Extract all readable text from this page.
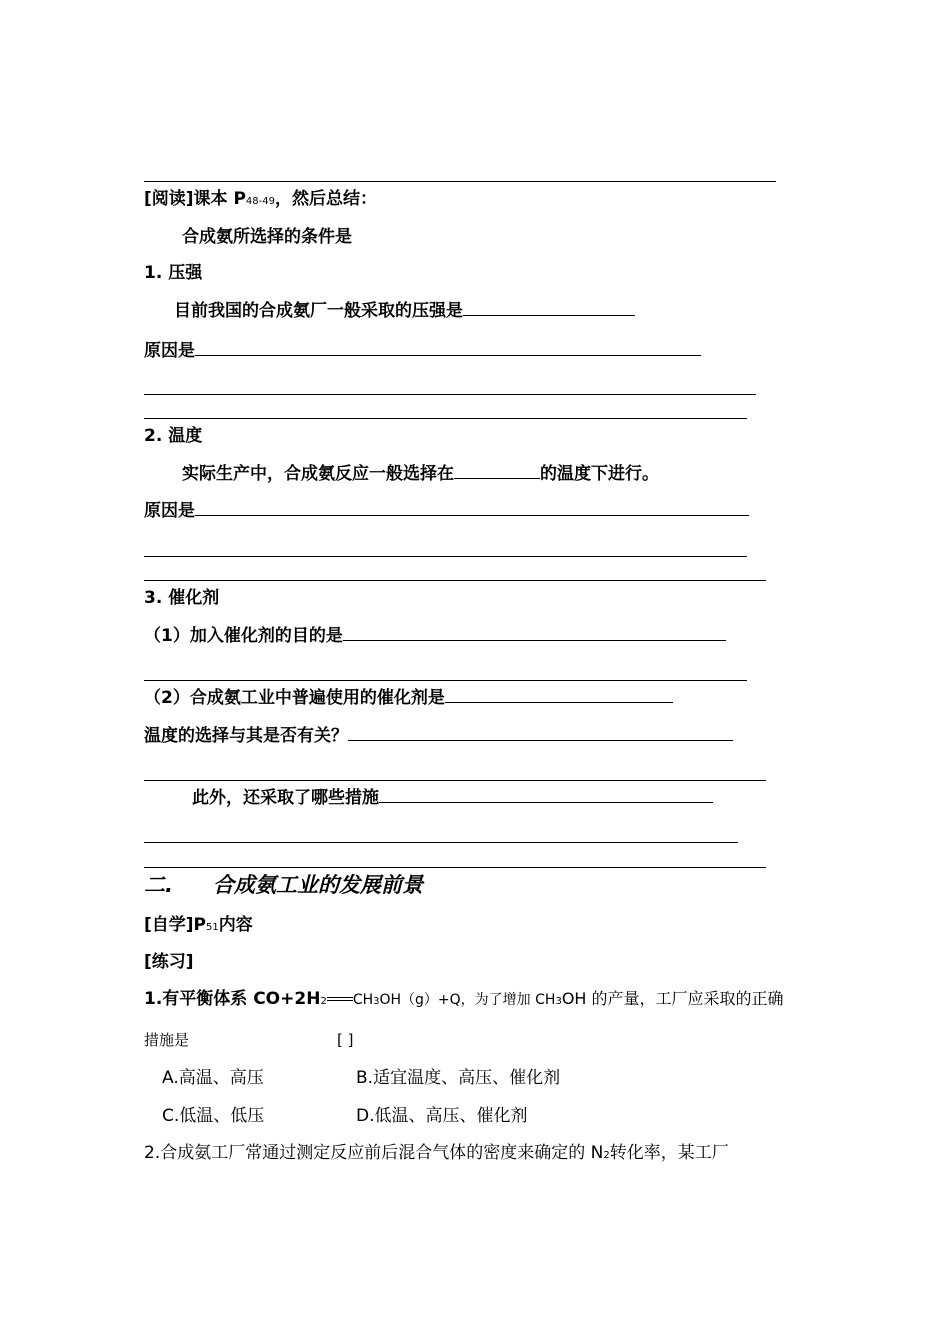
[阅读]课本 P48-49，然后总结：
合成氨所选择的条件是
1. 压强
目前我国的合成氨厂一般采取的压强是
原因是
2. 温度
实际生产中，合成氨反应一般选择在	的温度下进行。
原因是
3. 催化剂
（1）加入催化剂的目的是
（2）合成氨工业中普遍使用的催化剂是
温度的选择与其是否有关？
此外，还采取了哪些措施
二. 合成氨工业的发展前景
[自学]P51内容
[练习]
1.有平衡体系 CO+2H2 CH3OH（g）+Q，为了增加 CH3OH 的产量，工厂应采取的正确
措施是	[ ]
A.高温、高压	B.适宜温度、高压、催化剂
C.低温、低压	D.低温、高压、催化剂
2.合成氨工厂常通过测定反应前后混合气体的密度来确定的 N2转化率，某工厂
